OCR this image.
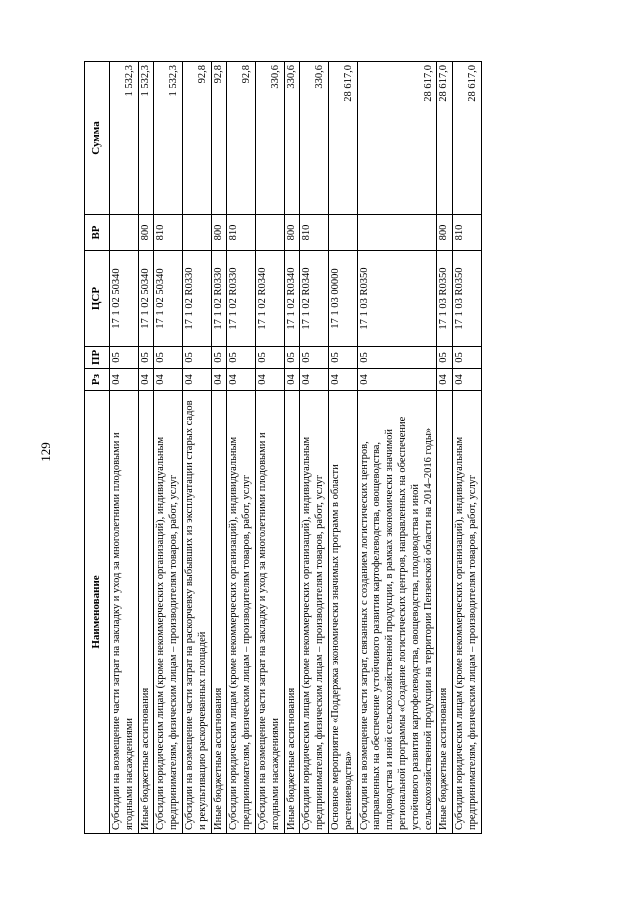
129
Наименование	Рз	ПР	ЦСР	ВР	Сумма
Субсидии на возмещение части затрат на закладку и уход за многолетними плодовыми и ягодными насаждениями	04	05	17 1 02 50340		1 532,3
Иные бюджетные ассигнования	04	05	17 1 02 50340	800	1 532,3
Субсидии юридическим лицам (кроме некоммерческих организаций), индивидуальным предпринимателям, физическим лицам – производителям товаров, работ, услуг	04	05	17 1 02 50340	810	1 532,3
Субсидии на возмещение части затрат на раскорчевку выбывших из эксплуатации старых садов и рекультивацию раскорчеванных площадей	04	05	17 1 02 R0330		92,8
Иные бюджетные ассигнования	04	05	17 1 02 R0330	800	92,8
Субсидии юридическим лицам (кроме некоммерческих организаций), индивидуальным предпринимателям, физическим лицам – производителям товаров, работ, услуг	04	05	17 1 02 R0330	810	92,8
Субсидии на возмещение части затрат на закладку и уход за многолетними плодовыми и ягодными насаждениями	04	05	17 1 02 R0340		330,6
Иные бюджетные ассигнования	04	05	17 1 02 R0340	800	330,6
Субсидии юридическим лицам (кроме некоммерческих организаций), индивидуальным предпринимателям, физическим лицам – производителям товаров, работ, услуг	04	05	17 1 02 R0340	810	330,6
Основное мероприятие «Поддержка экономически значимых программ в области растениеводства»	04	05	17 1 03 00000		28 617,0
Субсидии на возмещение части затрат, связанных с созданием логистических центров, направленных на обеспечение устойчивого развития картофелеводства, овощеводства, плодоводства и иной сельскохозяйственной продукции, в рамках экономически значимой региональной программы «Создание логистических центров, направленных на обеспечение устойчивого развития картофелеводства, овощеводства, плодоводства и иной сельскохозяйственной продукции на территории Пензенской области на 2014–2016 годы»	04	05	17 1 03 R0350		28 617,0
Иные бюджетные ассигнования	04	05	17 1 03 R0350	800	28 617,0
Субсидии юридическим лицам (кроме некоммерческих организаций), индивидуальным предпринимателям, физическим лицам – производителям товаров, работ, услуг	04	05	17 1 03 R0350	810	28 617,0
